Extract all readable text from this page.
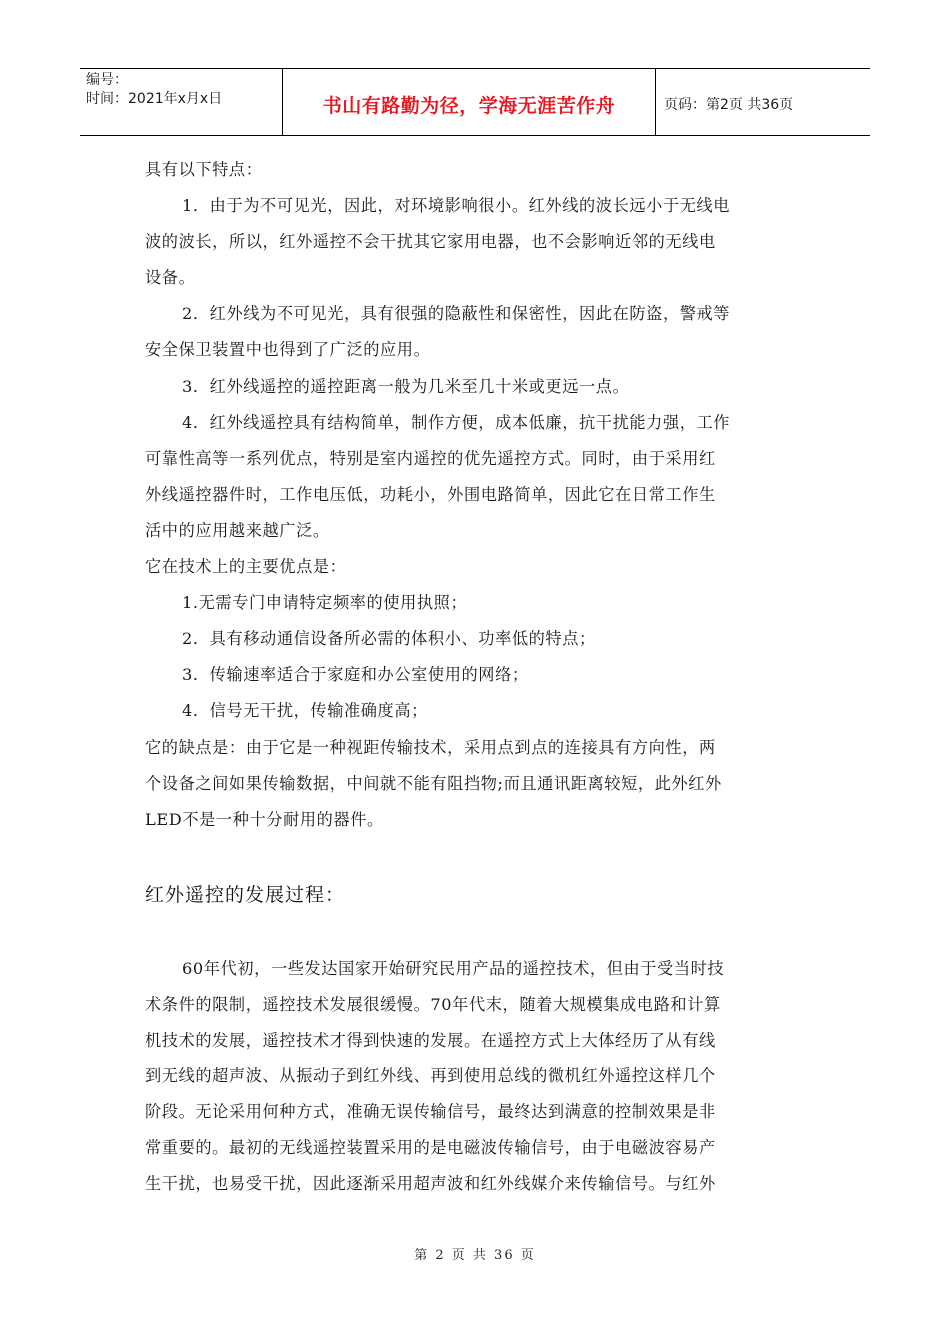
编号：
时间：2021年x月x日	书山有路勤为径，学海无涯苦作舟	页码：第2页 共36页
具有以下特点：
1．由于为不可见光，因此，对环境影响很小。红外线的波长远小于无线电
波的波长，所以，红外遥控不会干扰其它家用电器，也不会影响近邻的无线电
设备。
2．红外线为不可见光，具有很强的隐蔽性和保密性，因此在防盗，警戒等
安全保卫装置中也得到了广泛的应用。
3．红外线遥控的遥控距离一般为几米至几十米或更远一点。
4．红外线遥控具有结构简单，制作方便，成本低廉，抗干扰能力强，工作
可靠性高等一系列优点，特别是室内遥控的优先遥控方式。同时，由于采用红
外线遥控器件时，工作电压低，功耗小，外围电路简单，因此它在日常工作生
活中的应用越来越广泛。
它在技术上的主要优点是：
1.无需专门申请特定频率的使用执照；
2．具有移动通信设备所必需的体积小、功率低的特点；
3．传输速率适合于家庭和办公室使用的网络；
4．信号无干扰，传输准确度高；
它的缺点是：由于它是一种视距传输技术，采用点到点的连接具有方向性，两
个设备之间如果传输数据，中间就不能有阻挡物;而且通讯距离较短，此外红外
LED不是一种十分耐用的器件。
红外遥控的发展过程：
60年代初，一些发达国家开始研究民用产品的遥控技术，但由于受当时技
术条件的限制，遥控技术发展很缓慢。70年代末，随着大规模集成电路和计算
机技术的发展，遥控技术才得到快速的发展。在遥控方式上大体经历了从有线
到无线的超声波、从振动子到红外线、再到使用总线的微机红外遥控这样几个
阶段。无论采用何种方式，准确无误传输信号，最终达到满意的控制效果是非
常重要的。最初的无线遥控装置采用的是电磁波传输信号，由于电磁波容易产
生干扰，也易受干扰，因此逐渐采用超声波和红外线媒介来传输信号。与红外
第 2 页 共 36 页
